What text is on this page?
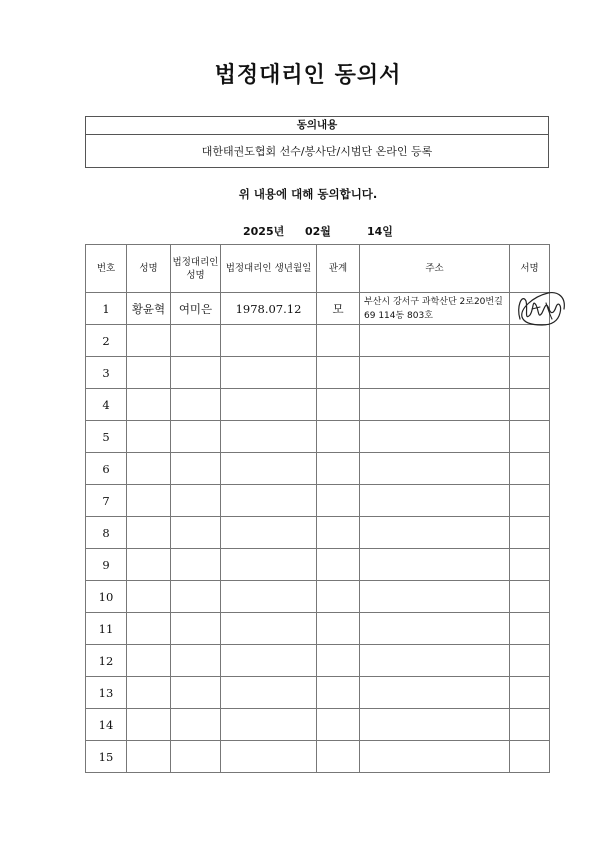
법정대리인 동의서
동의내용
대한태권도협회 선수/봉사단/시범단 온라인 등록
위 내용에 대해 동의합니다.
2025년 02월	14일
번호	성명	법정대리인 성명	법정대리인 생년월일	관계	주소	서명
1	황윤혁	여미은	1978.07.12	모	부산시 강서구 과학산단 2로20번길 69 114동 803호	

2						
3						
4						
5						
6						
7						
8						
9						
10						
11						
12						
13						
14						
15						
